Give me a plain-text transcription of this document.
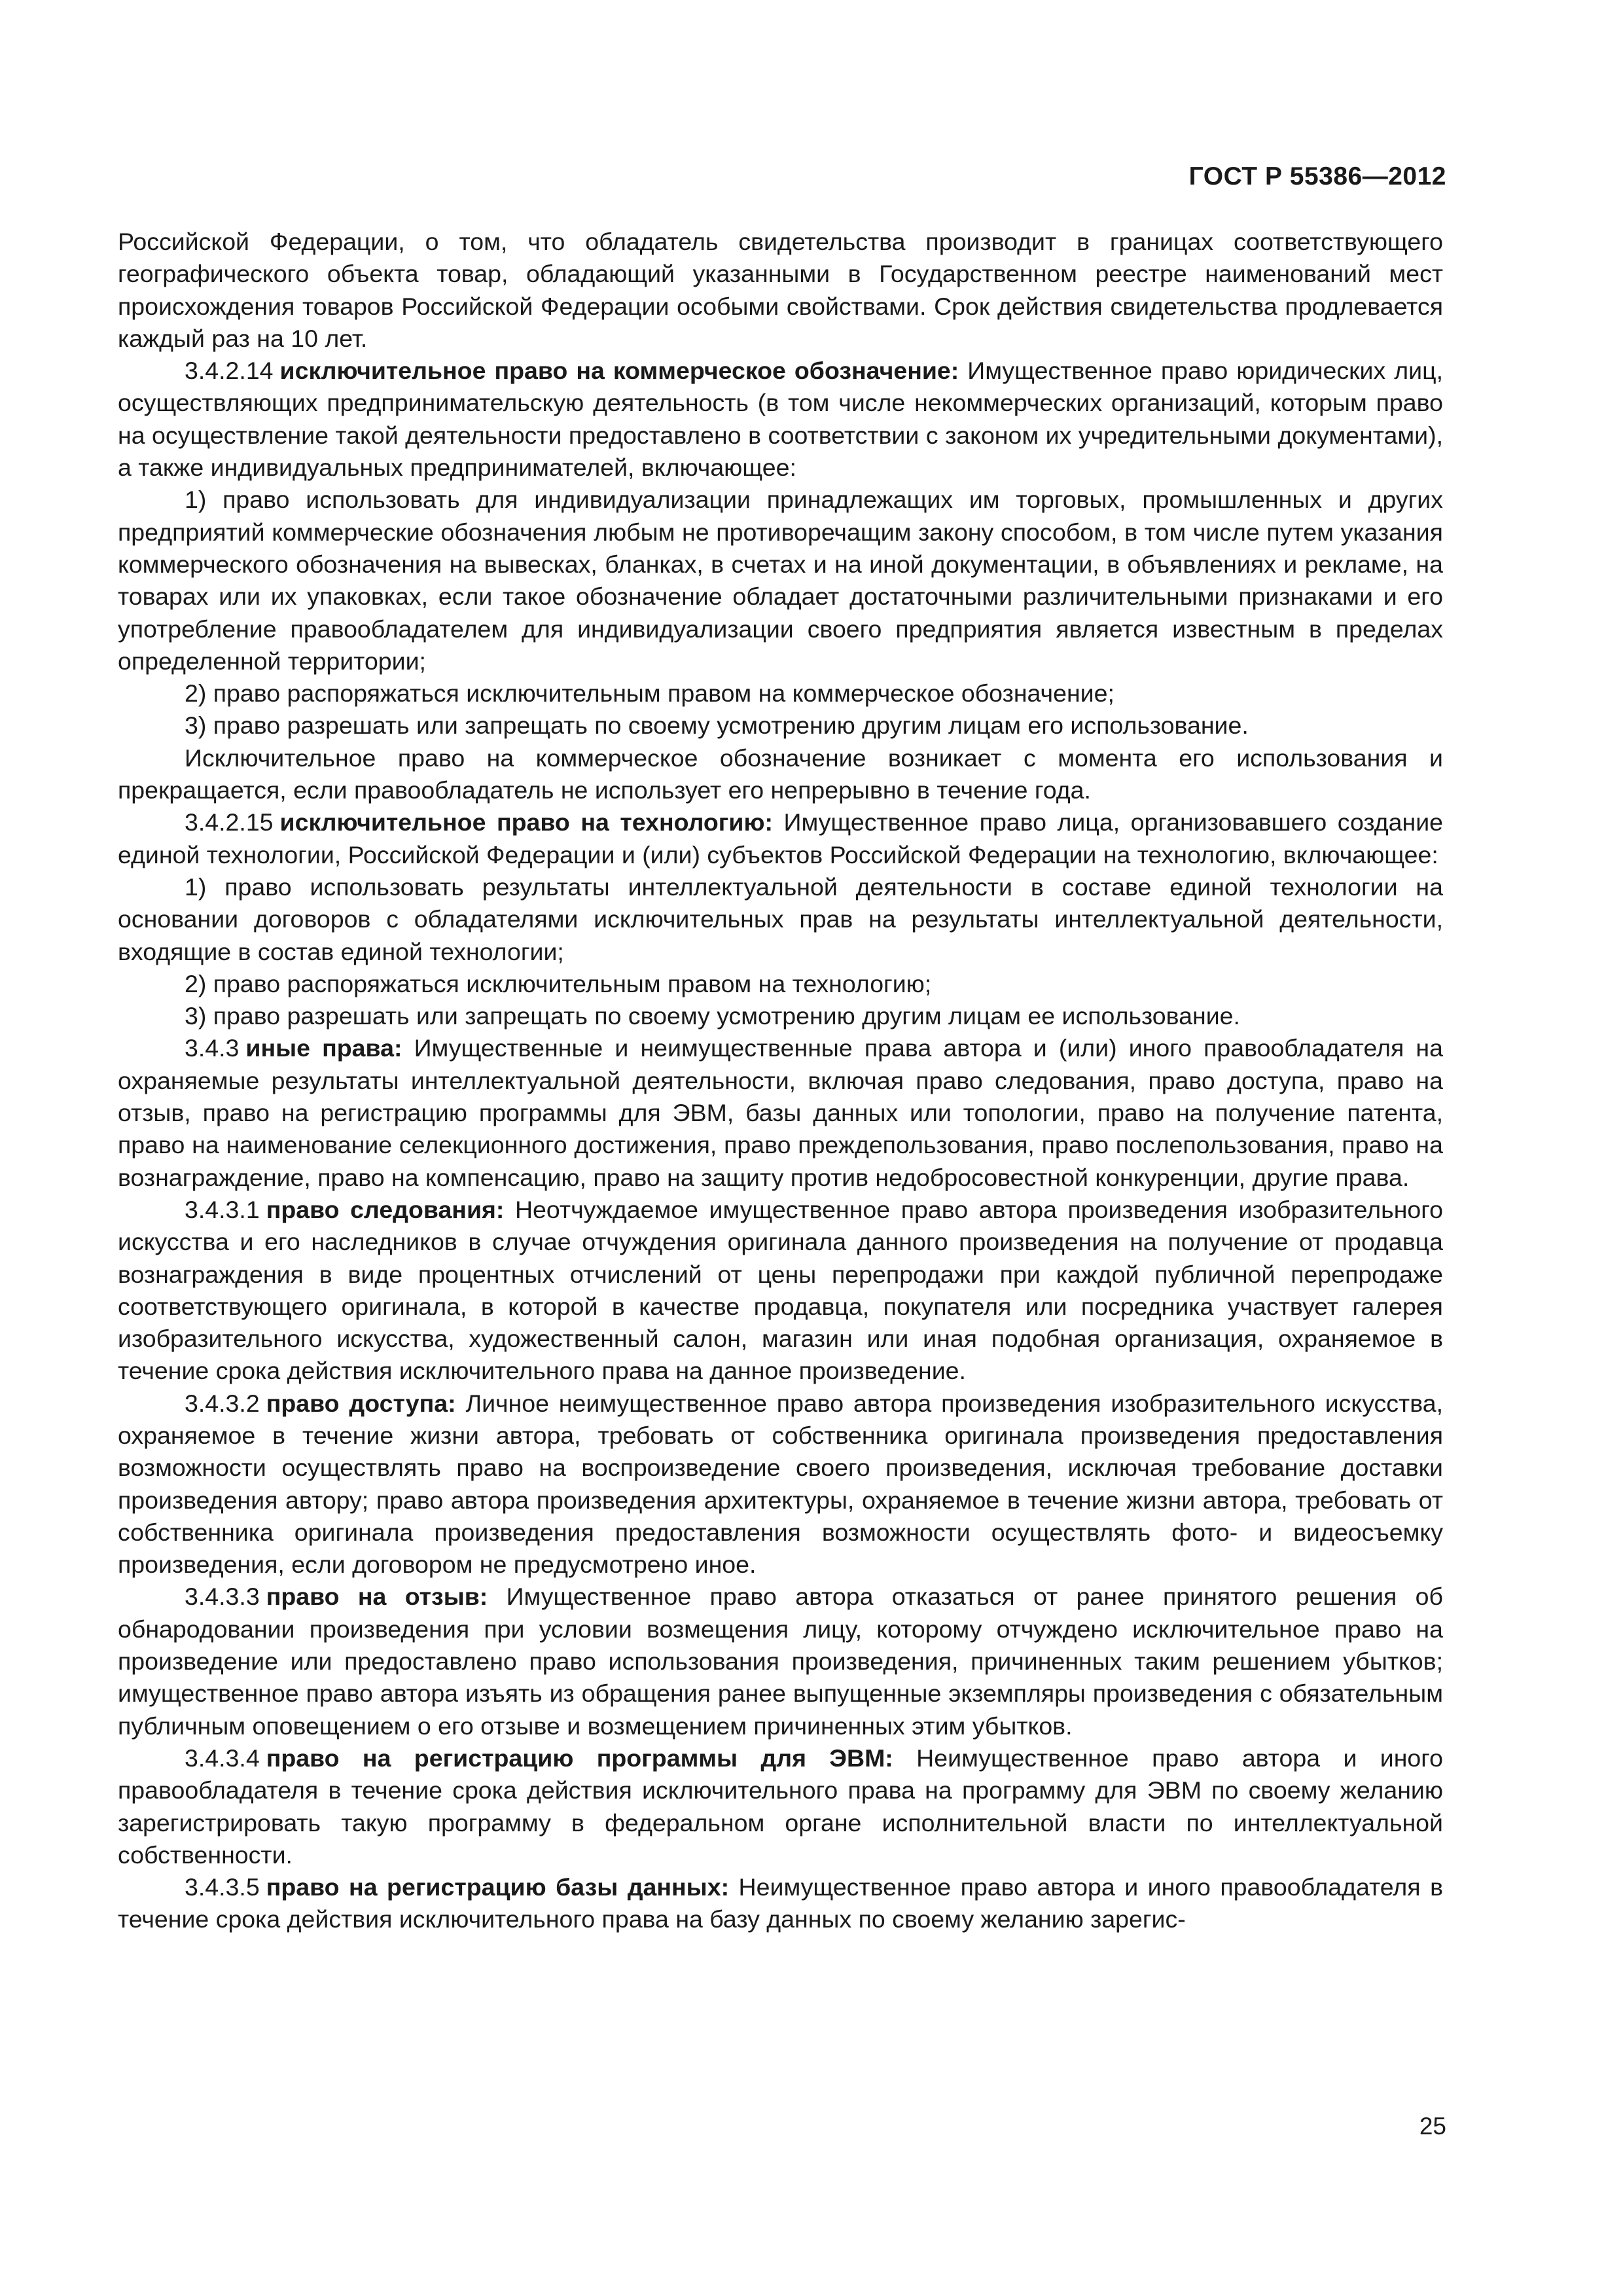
ГОСТ Р 55386—2012

Российской Федерации, о том, что обладатель свидетельства производит в границах соответствующего географического объекта товар, обладающий указанными в Государственном реестре наименований мест происхождения товаров Российской Федерации особыми свойствами. Срок действия свидетельства продлевается каждый раз на 10 лет.

3.4.2.14 исключительное право на коммерческое обозначение: Имущественное право юридических лиц, осуществляющих предпринимательскую деятельность (в том числе некоммерческих организаций, которым право на осуществление такой деятельности предоставлено в соответствии с законом их учредительными документами), а также индивидуальных предпринимателей, включающее:

1) право использовать для индивидуализации принадлежащих им торговых, промышленных и других предприятий коммерческие обозначения любым не противоречащим закону способом, в том числе путем указания коммерческого обозначения на вывесках, бланках, в счетах и на иной документации, в объявлениях и рекламе, на товарах или их упаковках, если такое обозначение обладает достаточными различительными признаками и его употребление правообладателем для индивидуализации своего предприятия является известным в пределах определенной территории;

2) право распоряжаться исключительным правом на коммерческое обозначение;

3) право разрешать или запрещать по своему усмотрению другим лицам его использование.

Исключительное право на коммерческое обозначение возникает с момента его использования и прекращается, если правообладатель не использует его непрерывно в течение года.

3.4.2.15 исключительное право на технологию: Имущественное право лица, организовавшего создание единой технологии, Российской Федерации и (или) субъектов Российской Федерации на технологию, включающее:

1) право использовать результаты интеллектуальной деятельности в составе единой технологии на основании договоров с обладателями исключительных прав на результаты интеллектуальной деятельности, входящие в состав единой технологии;

2) право распоряжаться исключительным правом на технологию;

3) право разрешать или запрещать по своему усмотрению другим лицам ее использование.

3.4.3 иные права: Имущественные и неимущественные права автора и (или) иного правообладателя на охраняемые результаты интеллектуальной деятельности, включая право следования, право доступа, право на отзыв, право на регистрацию программы для ЭВМ, базы данных или топологии, право на получение патента, право на наименование селекционного достижения, право преждепользования, право послепользования, право на вознаграждение, право на компенсацию, право на защиту против недобросовестной конкуренции, другие права.

3.4.3.1 право следования: Неотчуждаемое имущественное право автора произведения изобразительного искусства и его наследников в случае отчуждения оригинала данного произведения на получение от продавца вознаграждения в виде процентных отчислений от цены перепродажи при каждой публичной перепродаже соответствующего оригинала, в которой в качестве продавца, покупателя или посредника участвует галерея изобразительного искусства, художественный салон, магазин или иная подобная организация, охраняемое в течение срока действия исключительного права на данное произведение.

3.4.3.2 право доступа: Личное неимущественное право автора произведения изобразительного искусства, охраняемое в течение жизни автора, требовать от собственника оригинала произведения предоставления возможности осуществлять право на воспроизведение своего произведения, исключая требование доставки произведения автору; право автора произведения архитектуры, охраняемое в течение жизни автора, требовать от собственника оригинала произведения предоставления возможности осуществлять фото- и видеосъемку произведения, если договором не предусмотрено иное.

3.4.3.3 право на отзыв: Имущественное право автора отказаться от ранее принятого решения об обнародовании произведения при условии возмещения лицу, которому отчуждено исключительное право на произведение или предоставлено право использования произведения, причиненных таким решением убытков; имущественное право автора изъять из обращения ранее выпущенные экземпляры произведения с обязательным публичным оповещением о его отзыве и возмещением причиненных этим убытков.

3.4.3.4 право на регистрацию программы для ЭВМ: Неимущественное право автора и иного правообладателя в течение срока действия исключительного права на программу для ЭВМ по своему желанию зарегистрировать такую программу в федеральном органе исполнительной власти по интеллектуальной собственности.

3.4.3.5 право на регистрацию базы данных: Неимущественное право автора и иного правообладателя в течение срока действия исключительного права на базу данных по своему желанию зарегис-

25
